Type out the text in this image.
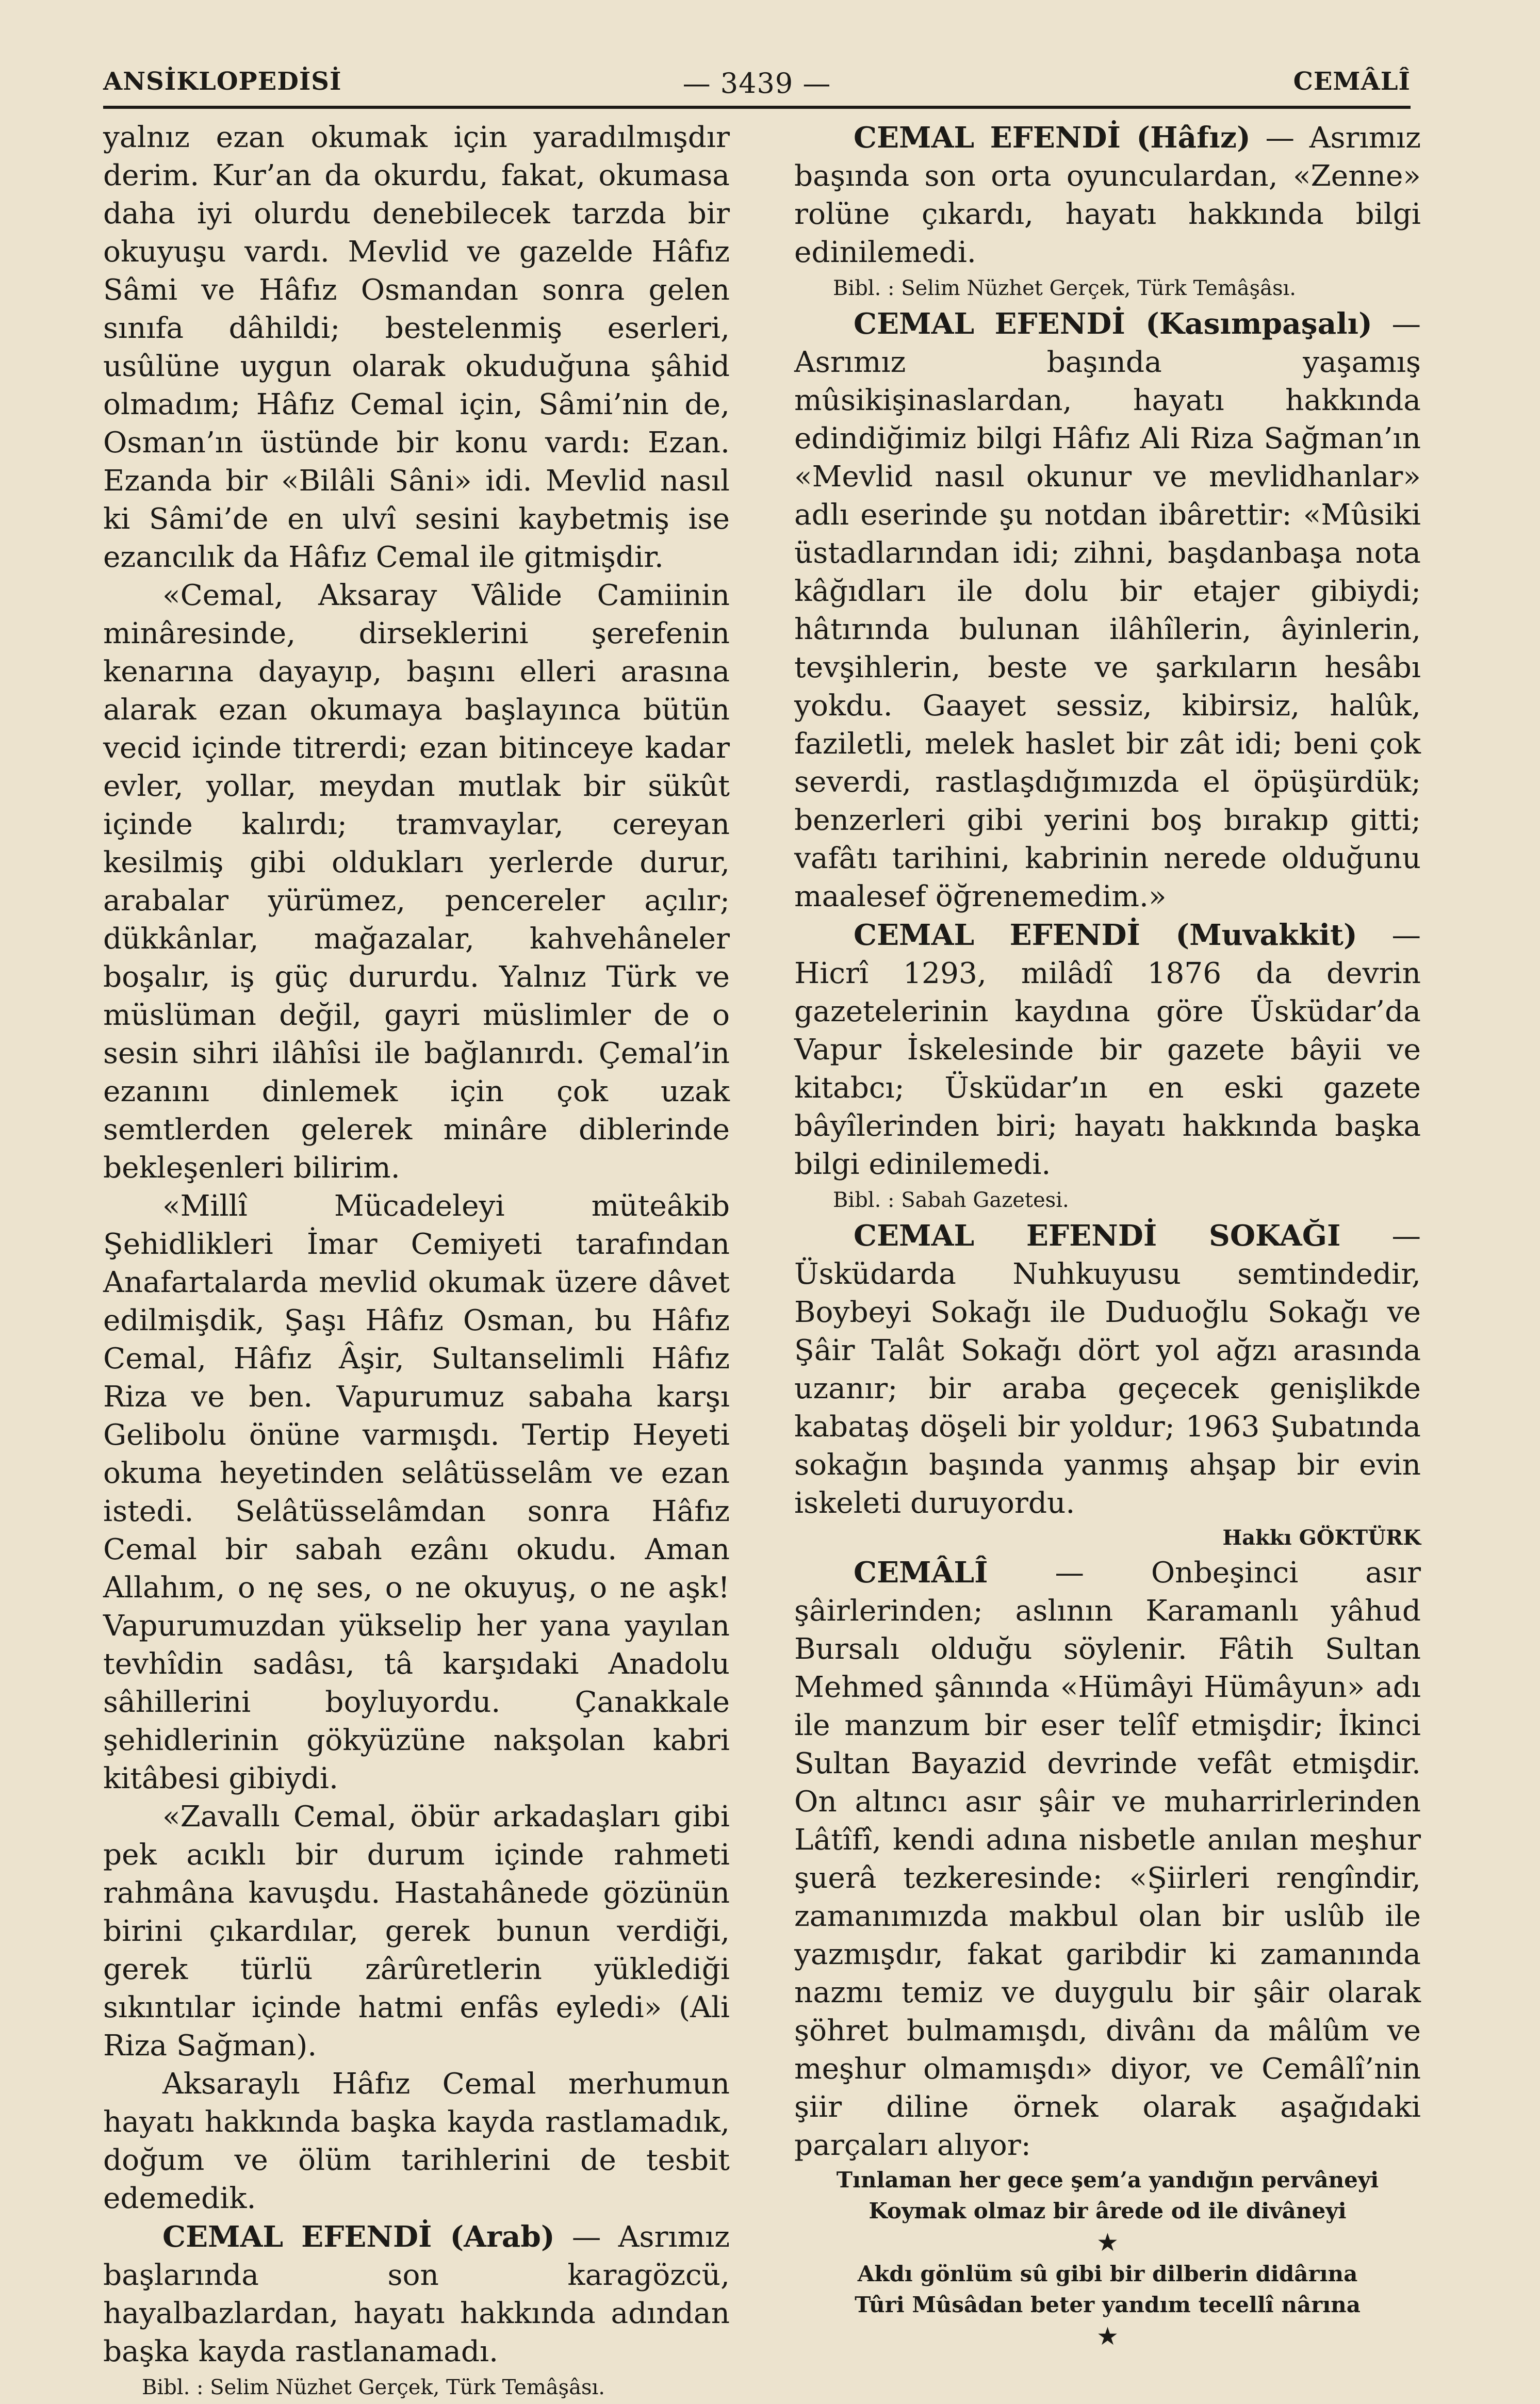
— 3439 —
ANSİKLOPEDİSİ	CEMÂLÎ

yalnız ezan okumak için yaradılmışdır derim. Kur’an da okurdu, fakat, okumasa daha iyi olurdu denebilecek tarzda bir okuyuşu vardı. Mevlid ve gazelde Hâfız Sâmi ve Hâfız Osmandan sonra gelen sınıfa dâhildi; bestelenmiş eserleri, usûlüne uygun olarak okuduğuna şâhid olmadım; Hâfız Cemal için, Sâmi’nin de, Osman’ın üstünde bir konu vardı: Ezan. Ezanda bir «Bilâli Sâni» idi. Mevlid nasıl ki Sâmi’de en ulvî sesini kaybetmiş ise ezancılık da Hâfız Cemal ile gitmişdir.

«Cemal, Aksaray Vâlide Camiinin minâresinde, dirseklerini şerefenin kenarına dayayıp, başını elleri arasına alarak ezan okumaya başlayınca bütün vecid içinde titrerdi; ezan bitinceye kadar evler, yollar, meydan mutlak bir sükût içinde kalırdı; tramvaylar, cereyan kesilmiş gibi oldukları yerlerde durur, arabalar yürümez, pencereler açılır; dükkânlar, mağazalar, kahvehâneler boşalır, iş güç dururdu. Yalnız Türk ve müslüman değil, gayri müslimler de o sesin sihri ilâhîsi ile bağlanırdı. Çemal’in ezanını dinlemek için çok uzak semtlerden gelerek minâre diblerinde bekleşenleri bilirim.

«Millî Mücadeleyi müteâkib Şehidlikleri İmar Cemiyeti tarafından Anafartalarda mevlid okumak üzere dâvet edilmişdik, Şaşı Hâfız Osman, bu Hâfız Cemal, Hâfız Âşir, Sultanselimli Hâfız Riza ve ben. Vapurumuz sabaha karşı Gelibolu önüne varmışdı. Tertip Heyeti okuma heyetinden selâtüsselâm ve ezan istedi. Selâtüsselâmdan sonra Hâfız Cemal bir sabah ezânı okudu. Aman Allahım, o nę ses, o ne okuyuş, o ne aşk! Vapurumuzdan yükselip her yana yayılan tevhîdin sadâsı, tâ karşıdaki Anadolu sâhillerini boyluyordu. Çanakkale şehidlerinin gökyüzüne nakşolan kabri kitâbesi gibiydi.

«Zavallı Cemal, öbür arkadaşları gibi pek acıklı bir durum içinde rahmeti rahmâna kavuşdu. Hastahânede gözünün birini çıkardılar, gerek bunun verdiği, gerek türlü zârûretlerin yüklediği sıkıntılar içinde hatmi enfâs eyledi» (Ali Riza Sağman).

Aksaraylı Hâfız Cemal merhumun hayatı hakkında başka kayda rastlamadık, doğum ve ölüm tarihlerini de tesbit edemedik.

CEMAL EFENDİ (Arab) — Asrımız başlarında son karagözcü, hayalbazlardan, hayatı hakkında adından başka kayda rastlanamadı.

Bibl. : Selim Nüzhet Gerçek, Türk Temâşâsı.

CEMAL EFENDİ (Hâfız) — Asrımız başında son orta oyunculardan, «Zenne» rolüne çıkardı, hayatı hakkında bilgi edinilemedi.

Bibl. : Selim Nüzhet Gerçek, Türk Temâşâsı.

CEMAL EFENDİ (Kasımpaşalı) — Asrımız başında yaşamış mûsikişinaslardan, hayatı hakkında edindiğimiz bilgi Hâfız Ali Riza Sağman’ın «Mevlid nasıl okunur ve mevlidhanlar» adlı eserinde şu notdan ibârettir: «Mûsiki üstadlarından idi; zihni, başdanbaşa nota kâğıdları ile dolu bir etajer gibiydi; hâtırında bulunan ilâhîlerin, âyinlerin, tevşihlerin, beste ve şarkıların hesâbı yokdu. Gaayet sessiz, kibirsiz, halûk, faziletli, melek haslet bir zât idi; beni çok severdi, rastlaşdığımızda el öpüşürdük; benzerleri gibi yerini boş bırakıp gitti; vafâtı tarihini, kabrinin nerede olduğunu maalesef öğrenemedim.»

CEMAL EFENDİ (Muvakkit) — Hicrî 1293, milâdî 1876 da devrin gazetelerinin kaydına göre Üsküdar’da Vapur İskelesinde bir gazete bâyii ve kitabcı; Üsküdar’ın en eski gazete bâyîlerinden biri; hayatı hakkında başka bilgi edinilemedi.

Bibl. : Sabah Gazetesi.

CEMAL EFENDİ SOKAĞI — Üsküdarda Nuhkuyusu semtindedir, Boybeyi Sokağı ile Duduoğlu Sokağı ve Şâir Talât Sokağı dört yol ağzı arasında uzanır; bir araba geçecek genişlikde kabataş döşeli bir yoldur; 1963 Şubatında sokağın başında yanmış ahşap bir evin iskeleti duruyordu.

Hakkı GÖKTÜRK

CEMÂLÎ — Onbeşinci asır şâirlerinden; aslının Karamanlı yâhud Bursalı olduğu söylenir. Fâtih Sultan Mehmed şânında «Hümâyi Hümâyun» adı ile manzum bir eser telîf etmişdir; İkinci Sultan Bayazid devrinde vefât etmişdir. On altıncı asır şâir ve muharrirlerinden Lâtîfî, kendi adına nisbetle anılan meşhur şuerâ tezkeresinde: «Şiirleri rengîndir, zamanımızda makbul olan bir uslûb ile yazmışdır, fakat garibdir ki zamanında nazmı temiz ve duygulu bir şâir olarak şöhret bulmamışdı, divânı da mâlûm ve meşhur olmamışdı» diyor, ve Cemâlî’nin şiir diline örnek olarak aşağıdaki parçaları alıyor:

Tınlaman her gece şem’a yandığın pervâneyi

Koymak olmaz bir ârede od ile divâneyi

★

Akdı gönlüm sû gibi bir dilberin didârına

Tûri Mûsâdan beter yandım tecellî nârına

★
